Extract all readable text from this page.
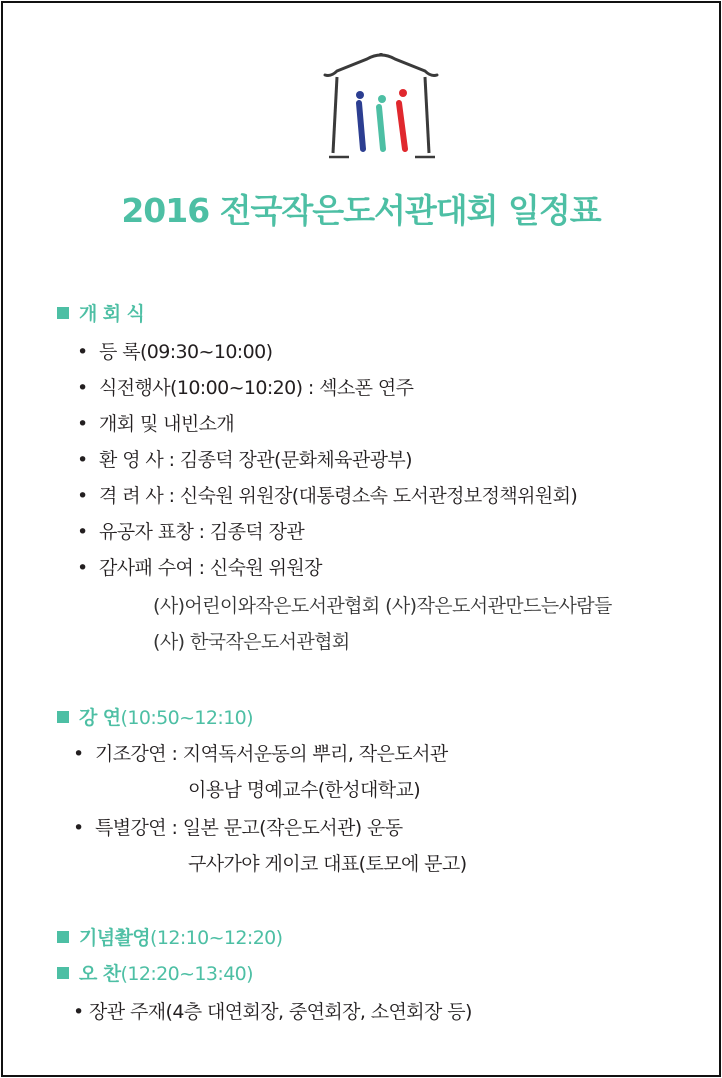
2016 전국작은도서관대회 일정표
개 회 식
• 등 록(09:30~10:00)
• 식전행사(10:00~10:20) : 섹소폰 연주
• 개회 및 내빈소개
• 환 영 사 : 김종덕 장관(문화체육관광부)
• 격 려 사 : 신숙원 위원장(대통령소속 도서관정보정책위원회)
• 유공자 표창 : 김종덕 장관
• 감사패 수여 : 신숙원 위원장
(사)어린이와작은도서관협회 (사)작은도서관만드는사람들
(사) 한국작은도서관협회
강 연(10:50~12:10)
• 기조강연 : 지역독서운동의 뿌리, 작은도서관
이용남 명예교수(한성대학교)
• 특별강연 : 일본 문고(작은도서관) 운동
구사가야 게이코 대표(토모에 문고)
기념촬영(12:10~12:20)
오 찬(12:20~13:40)
• 장관 주재(4층 대연회장, 중연회장, 소연회장 등)
